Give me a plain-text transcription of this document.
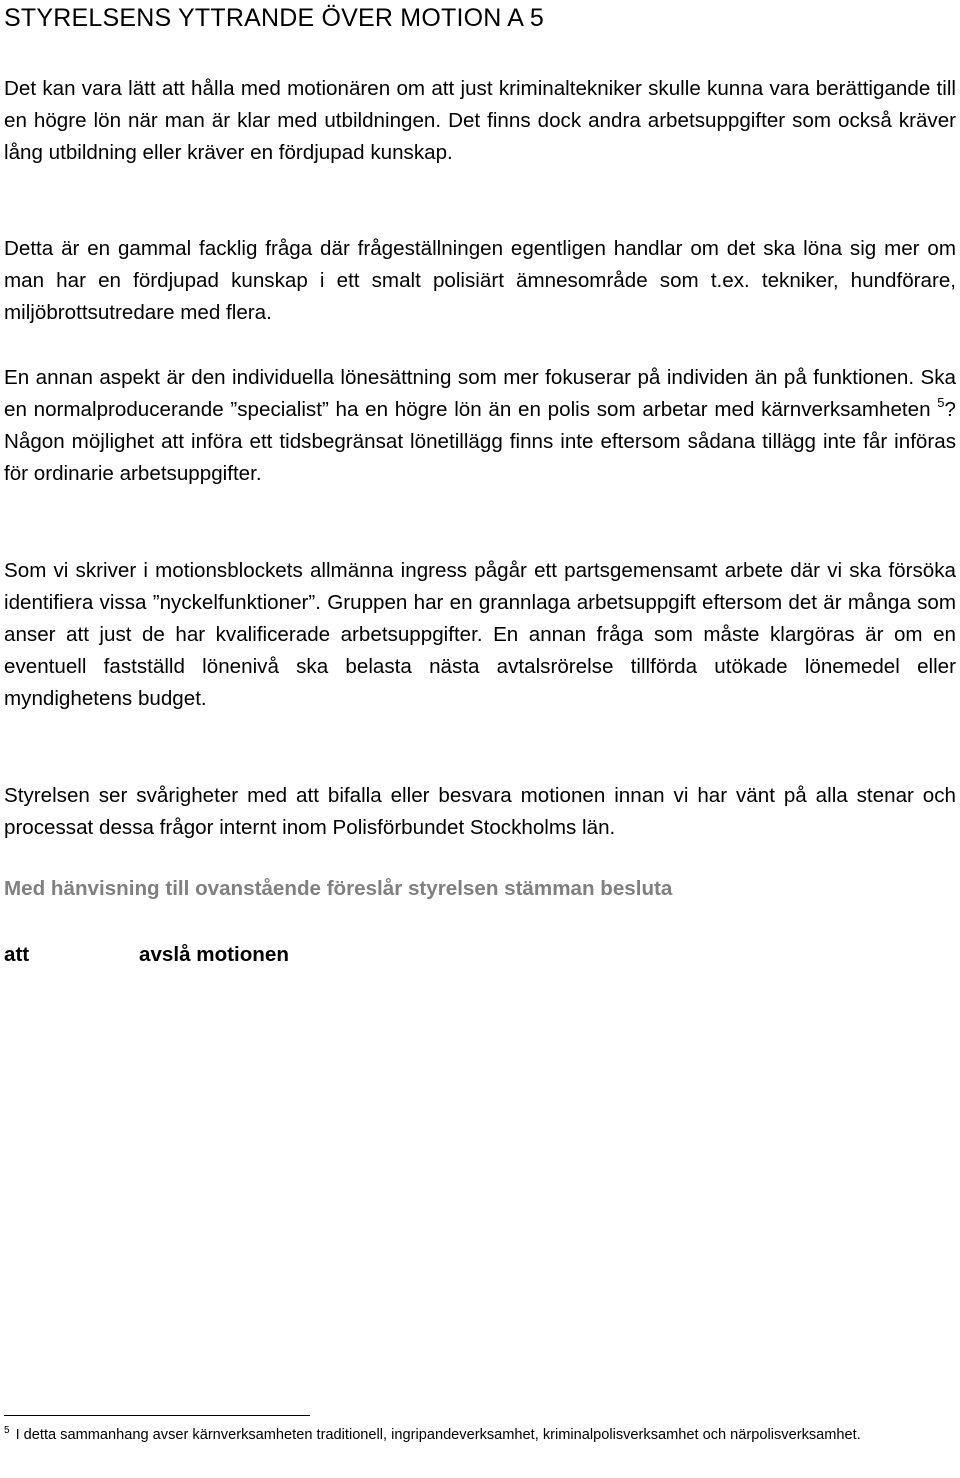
STYRELSENS YTTRANDE ÖVER MOTION A 5

Det kan vara lätt att hålla med motionären om att just kriminaltekniker skulle kunna vara berättigande till en högre lön när man är klar med utbildningen. Det finns dock andra arbetsuppgifter som också kräver lång utbildning eller kräver en fördjupad kunskap.

Detta är en gammal facklig fråga där frågeställningen egentligen handlar om det ska löna sig mer om man har en fördjupad kunskap i ett smalt polisiärt ämnesområde som t.ex. tekniker, hundförare, miljöbrottsutredare med flera.

En annan aspekt är den individuella lönesättning som mer fokuserar på individen än på funktionen. Ska en normalproducerande ”specialist” ha en högre lön än en polis som arbetar med kärnverksamheten $^5$? Någon möjlighet att införa ett tidsbegränsat lönetillägg finns inte eftersom sådana tillägg inte får införas för ordinarie arbetsuppgifter.

Som vi skriver i motionsblockets allmänna ingress pågår ett partsgemensamt arbete där vi ska försöka identifiera vissa ”nyckelfunktioner”. Gruppen har en grannlaga arbetsuppgift eftersom det är många som anser att just de har kvalificerade arbetsuppgifter. En annan fråga som måste klargöras är om en eventuell fastställd lönenivå ska belasta nästa avtalsrörelse tillförda utökade lönemedel eller myndighetens budget.

Styrelsen ser svårigheter med att bifalla eller besvara motionen innan vi har vänt på alla stenar och processat dessa frågor internt inom Polisförbundet Stockholms län.

Med hänvisning till ovanstående föreslår styrelsen stämman besluta
att	avslå motionen
$^5$ I detta sammanhang avser kärnverksamheten traditionell, ingripandeverksamhet, kriminalpolisverksamhet och närpolisverksamhet.
